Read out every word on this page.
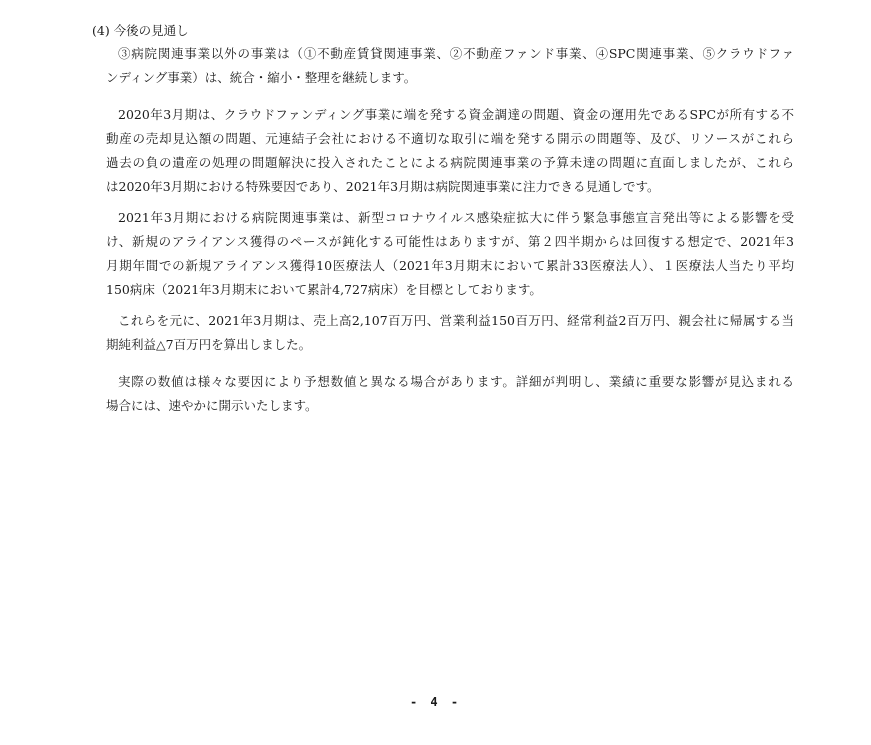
(4) 今後の見通し
③病院関連事業以外の事業は（①不動産賃貸関連事業、②不動産ファンド事業、④SPC関連事業、⑤クラウドファ
ンディング事業）は、統合・縮小・整理を継続します。
2020年3月期は、クラウドファンディング事業に端を発する資金調達の問題、資金の運用先であるSPCが所有する不
動産の売却見込額の問題、元連結子会社における不適切な取引に端を発する開示の問題等、及び、リソースがこれら
過去の負の遺産の処理の問題解決に投入されたことによる病院関連事業の予算未達の問題に直面しましたが、これら
は2020年3月期における特殊要因であり、2021年3月期は病院関連事業に注力できる見通しです。
2021年3月期における病院関連事業は、新型コロナウイルス感染症拡大に伴う緊急事態宣言発出等による影響を受
け、新規のアライアンス獲得のペースが鈍化する可能性はありますが、第２四半期からは回復する想定で、2021年3
月期年間での新規アライアンス獲得10医療法人（2021年3月期末において累計33医療法人）、１医療法人当たり平均
150病床（2021年3月期末において累計4,727病床）を目標としております。
これらを元に、2021年3月期は、売上高2,107百万円、営業利益150百万円、経常利益2百万円、親会社に帰属する当
期純利益△7百万円を算出しました。
実際の数値は様々な要因により予想数値と異なる場合があります。詳細が判明し、業績に重要な影響が見込まれる
場合には、速やかに開示いたします。
- 4 -
